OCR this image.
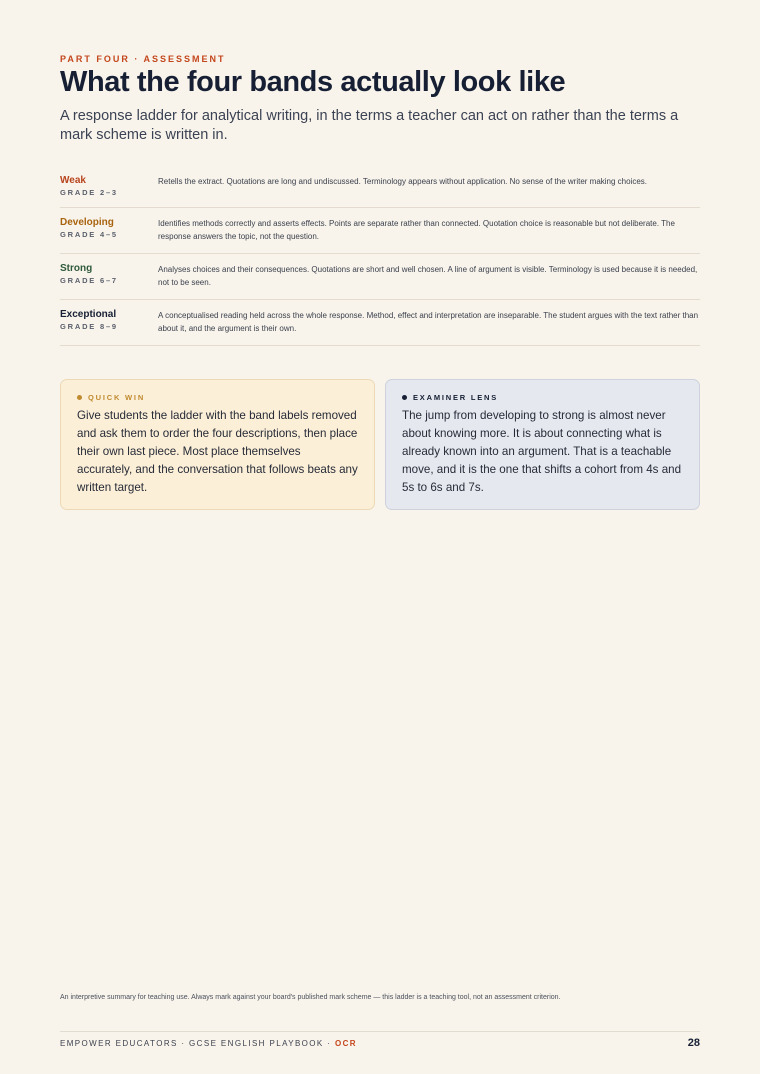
PART FOUR · ASSESSMENT
What the four bands actually look like

A response ladder for analytical writing, in the terms a teacher can act on rather than the terms a mark scheme is written in.

Weak
GRADE 2–3
Retells the extract. Quotations are long and undiscussed. Terminology appears without application. No sense of the writer making choices.
Developing
GRADE 4–5
Identifies methods correctly and asserts effects. Points are separate rather than connected. Quotation choice is reasonable but not deliberate. The response answers the topic, not the question.
Strong
GRADE 6–7
Analyses choices and their consequences. Quotations are short and well chosen. A line of argument is visible. Terminology is used because it is needed, not to be seen.
Exceptional
GRADE 8–9
A conceptualised reading held across the whole response. Method, effect and interpretation are inseparable. The student argues with the text rather than about it, and the argument is their own.
QUICK WIN
Give students the ladder with the band labels removed and ask them to order the four descriptions, then place their own last piece. Most place themselves accurately, and the conversation that follows beats any written target.
EXAMINER LENS
The jump from developing to strong is almost never about knowing more. It is about connecting what is already known into an argument. That is a teachable move, and it is the one that shifts a cohort from 4s and 5s to 6s and 7s.
An interpretive summary for teaching use. Always mark against your board's published mark scheme — this ladder is a teaching tool, not an assessment criterion.
EMPOWER EDUCATORS · GCSE ENGLISH PLAYBOOK · OCR	28
